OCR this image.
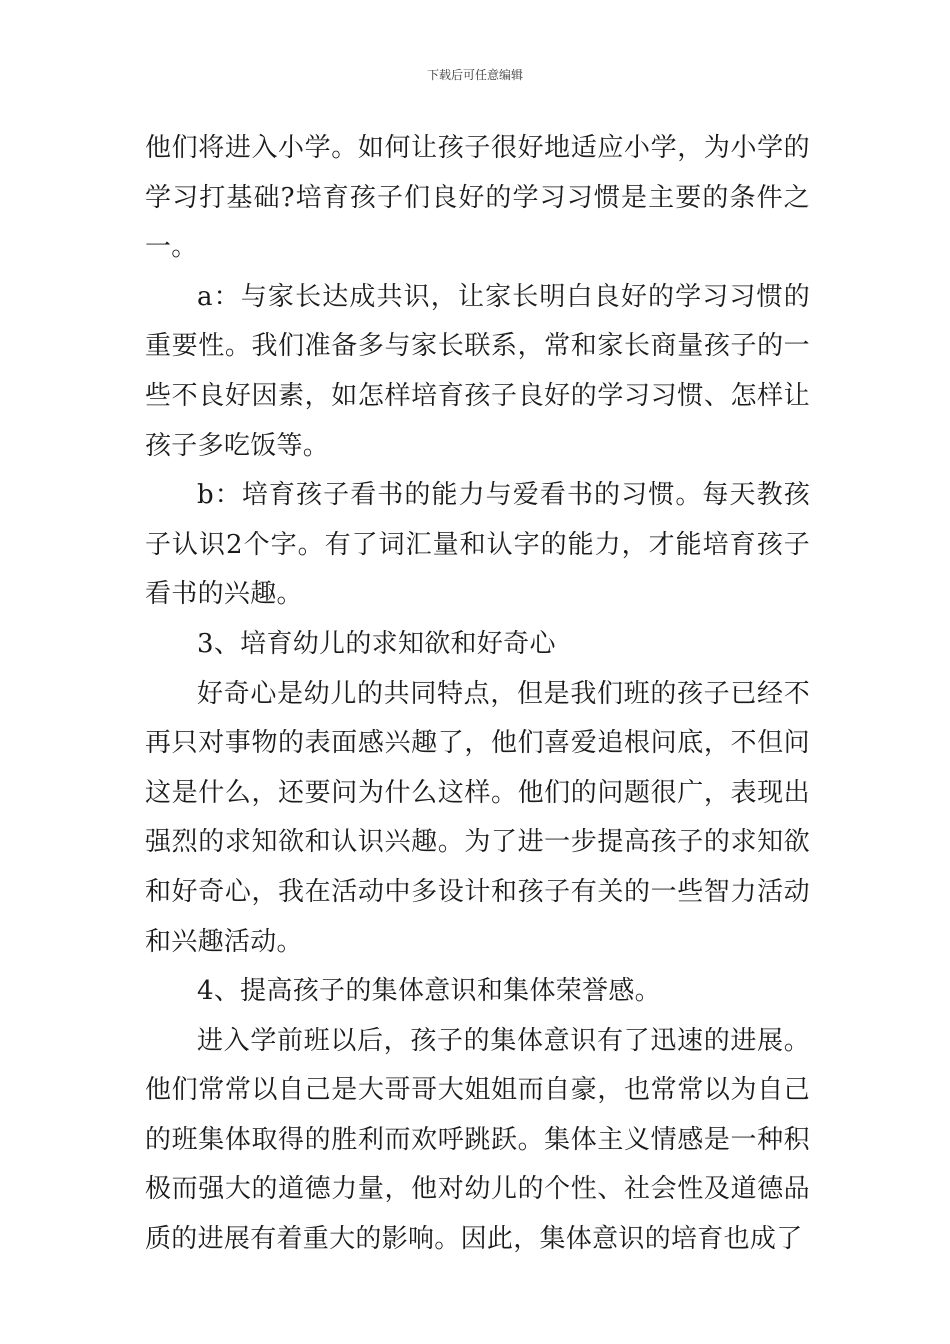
下载后可任意编辑

他们将进入小学。如何让孩子很好地适应小学，为小学的学习打基础?培育孩子们良好的学习习惯是主要的条件之一。

a：与家长达成共识，让家长明白良好的学习习惯的重要性。我们准备多与家长联系，常和家长商量孩子的一些不良好因素，如怎样培育孩子良好的学习习惯、怎样让孩子多吃饭等。

b：培育孩子看书的能力与爱看书的习惯。每天教孩子认识2个字。有了词汇量和认字的能力，才能培育孩子看书的兴趣。

3、培育幼儿的求知欲和好奇心

好奇心是幼儿的共同特点，但是我们班的孩子已经不再只对事物的表面感兴趣了，他们喜爱追根问底，不但问这是什么，还要问为什么这样。他们的问题很广，表现出强烈的求知欲和认识兴趣。为了进一步提高孩子的求知欲和好奇心，我在活动中多设计和孩子有关的一些智力活动和兴趣活动。

4、提高孩子的集体意识和集体荣誉感。

进入学前班以后，孩子的集体意识有了迅速的进展。他们常常以自己是大哥哥大姐姐而自豪，也常常以为自己的班集体取得的胜利而欢呼跳跃。集体主义情感是一种积极而强大的道德力量，他对幼儿的个性、社会性及道德品质的进展有着重大的影响。因此，集体意识的培育也成了
